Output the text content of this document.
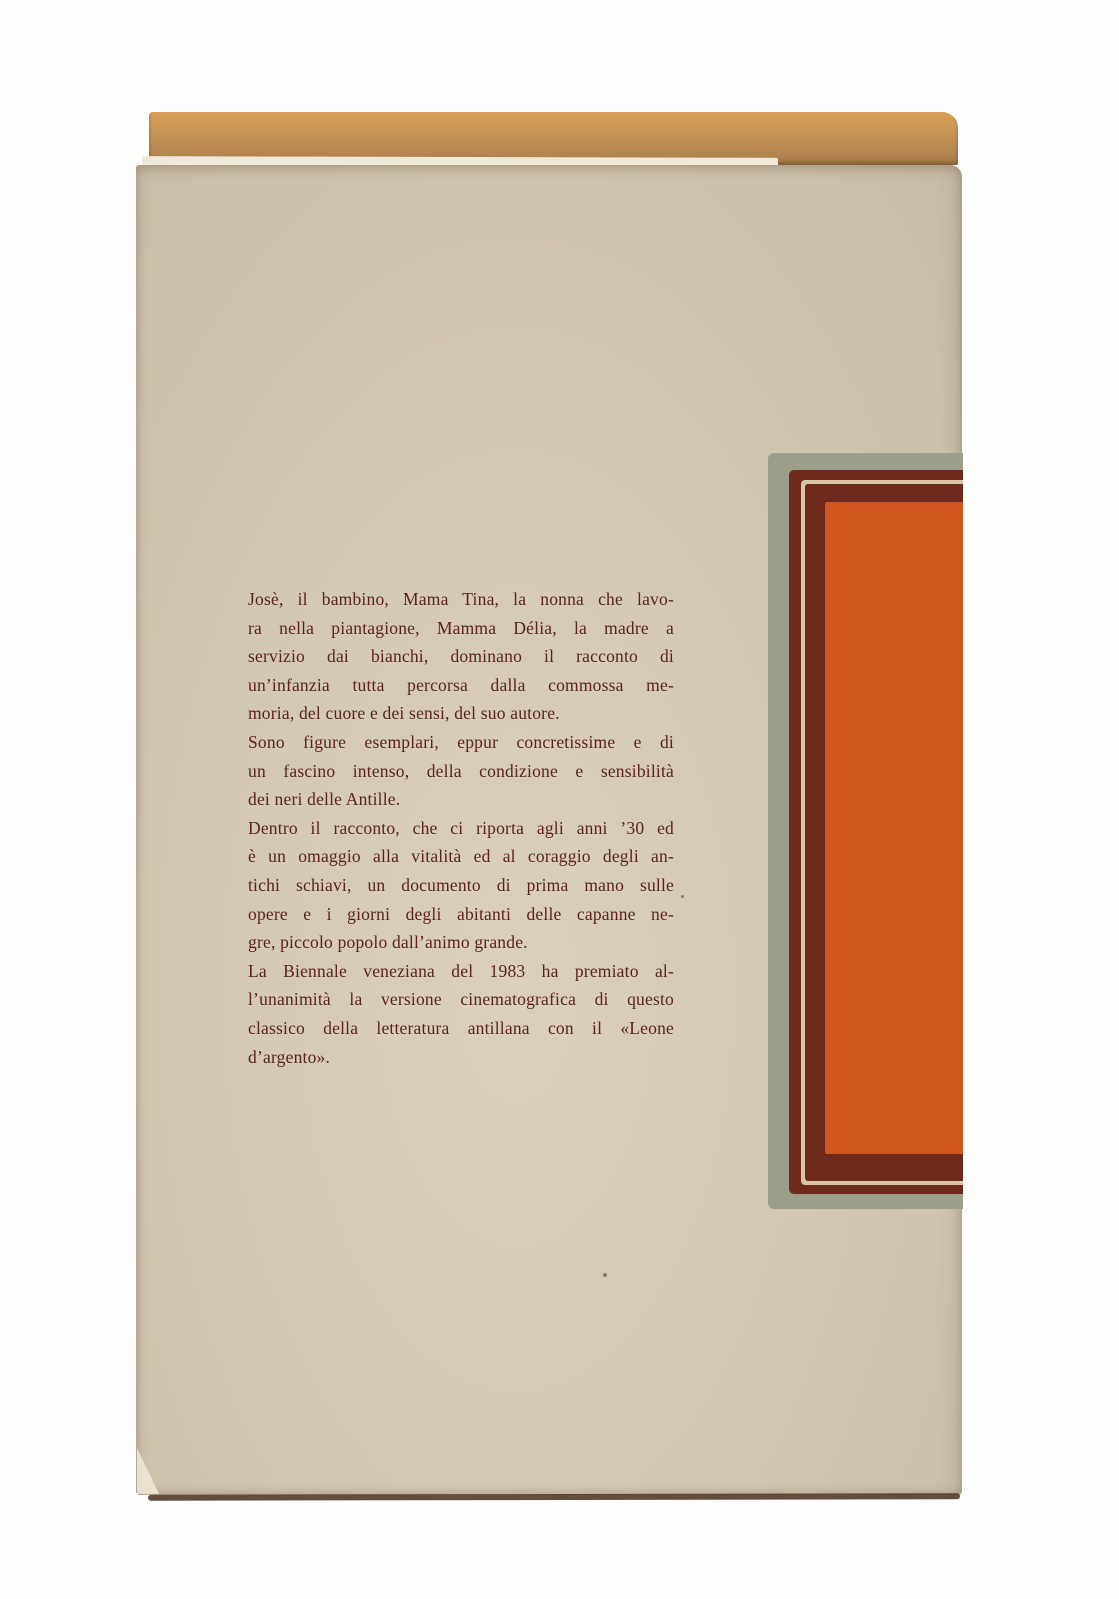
Josè, il bambino, Mama Tina, la nonna che lavo-
ra nella piantagione, Mamma Délia, la madre a
servizio dai bianchi, dominano il racconto di
un’infanzia tutta percorsa dalla commossa me-
moria, del cuore e dei sensi, del suo autore.
Sono figure esemplari, eppur concretissime e di
un fascino intenso, della condizione e sensibilità
dei neri delle Antille.
Dentro il racconto, che ci riporta agli anni ’30 ed
è un omaggio alla vitalità ed al coraggio degli an-
tichi schiavi, un documento di prima mano sulle
opere e i giorni degli abitanti delle capanne ne-
gre, piccolo popolo dall’animo grande.
La Biennale veneziana del 1983 ha premiato al-
l’unanimità la versione cinematografica di questo
classico della letteratura antillana con il «Leone
d’argento».
